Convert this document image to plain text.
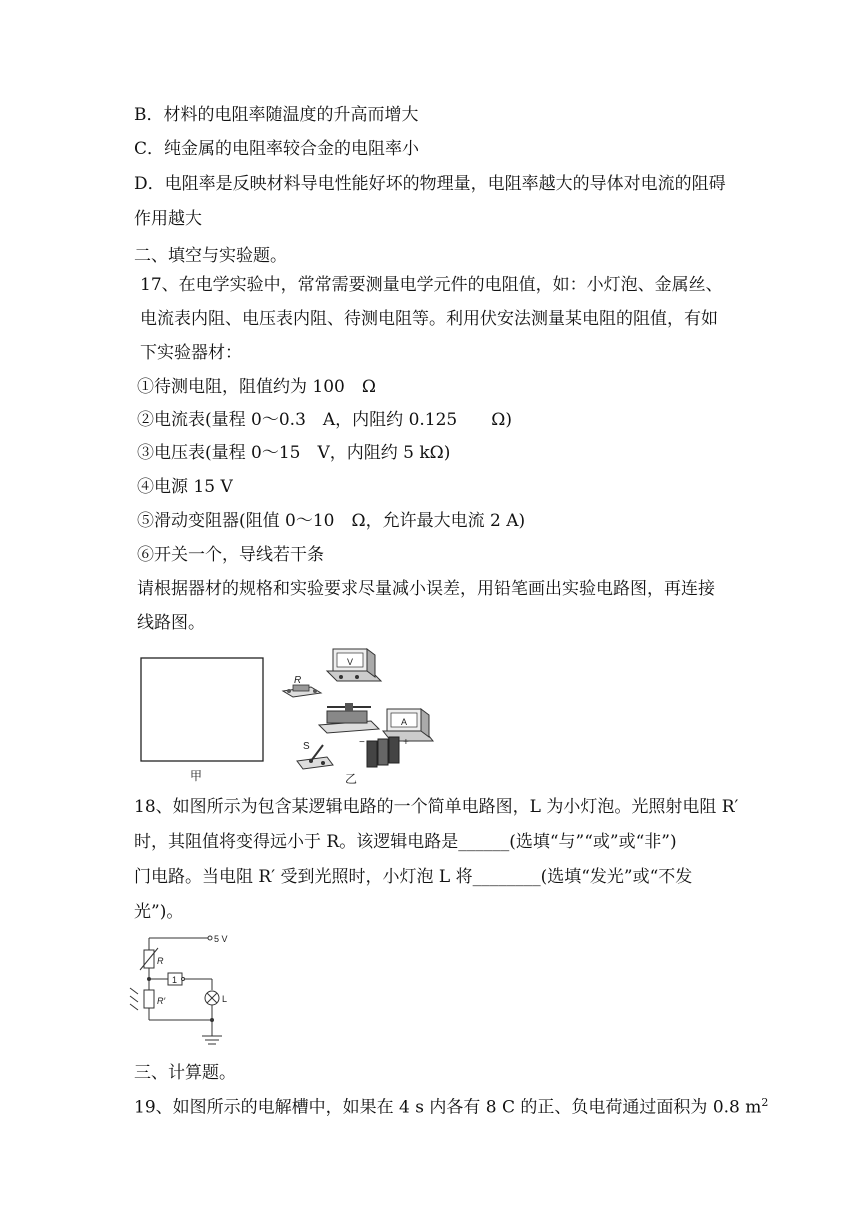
B．材料的电阻率随温度的升高而增大
C．纯金属的电阻率较合金的电阻率小
D．电阻率是反映材料导电性能好坏的物理量，电阻率越大的导体对电流的阻碍
作用越大
二、填空与实验题。
17、在电学实验中，常常需要测量电学元件的电阻值，如：小灯泡、金属丝、
电流表内阻、电压表内阻、待测电阻等。利用伏安法测量某电阻的阻值，有如
下实验器材：
①待测电阻，阻值约为 100　Ω
②电流表(量程 0～0.3　A，内阻约 0.125　　Ω)
③电压表(量程 0～15　V，内阻约 5 kΩ)
④电源 15 V
⑤滑动变阻器(阻值 0～10　Ω，允许最大电流 2 A)
⑥开关一个，导线若干条
请根据器材的规格和实验要求尽量减小误差，用铅笔画出实验电路图，再连接
线路图。
甲
R
V
A
S	−	+
乙
18、如图所示为包含某逻辑电路的一个简单电路图，L 为小灯泡。光照射电阻 R′
时，其阻值将变得远小于 R。该逻辑电路是______(选填“与”“或”或“非”)
门电路。当电阻 R′ 受到光照时，小灯泡 L 将________(选填“发光”或“不发
光”)。
5 V
R
R′
1
L
三、计算题。
19、如图所示的电解槽中，如果在 4 s 内各有 8 C 的正、负电荷通过面积为 0.8 $m^2$
